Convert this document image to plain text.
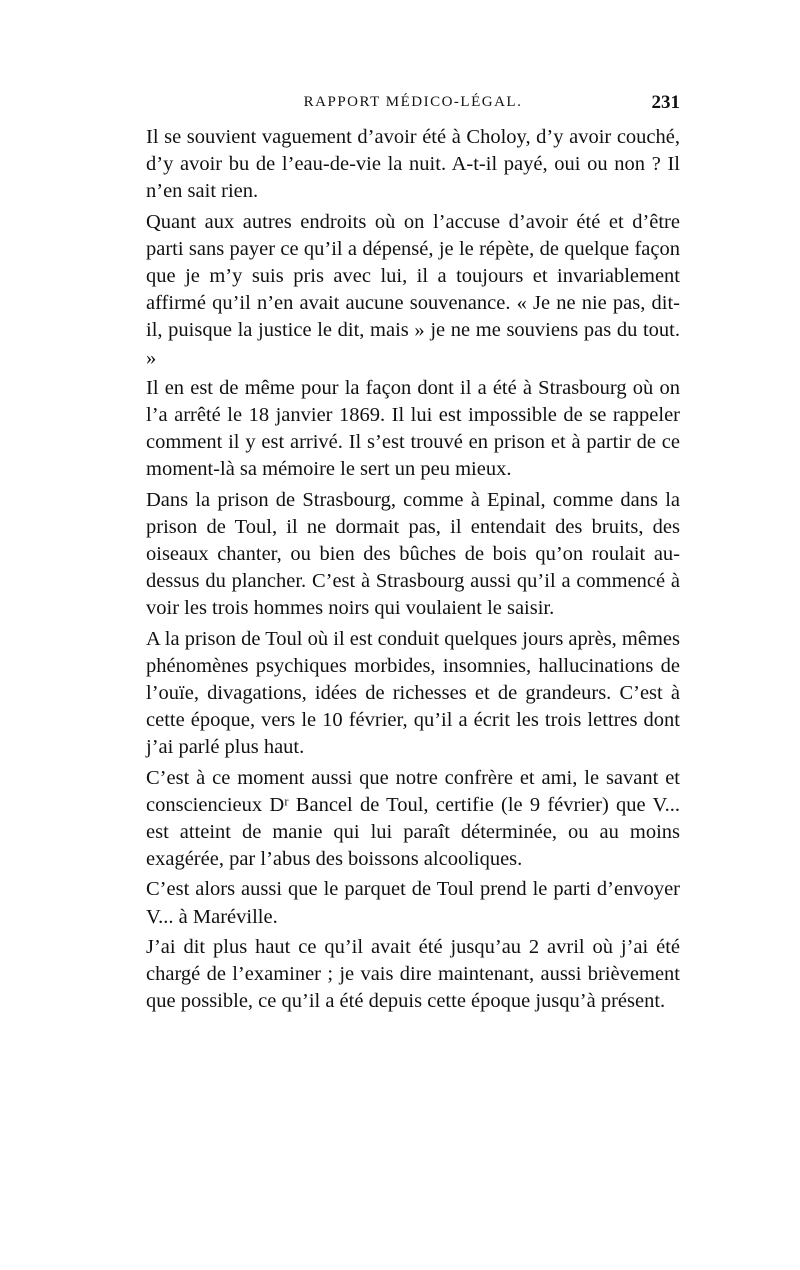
RAPPORT MÉDICO-LÉGAL.	231

Il se souvient vaguement d’avoir été à Choloy, d’y avoir couché, d’y avoir bu de l’eau-de-vie la nuit. A-t-il payé, oui ou non ? Il n’en sait rien.

Quant aux autres endroits où on l’accuse d’avoir été et d’être parti sans payer ce qu’il a dépensé, je le répète, de quelque façon que je m’y suis pris avec lui, il a toujours et invariablement affirmé qu’il n’en avait aucune souvenance. « Je ne nie pas, dit-il, puisque la justice le dit, mais » je ne me souviens pas du tout. »

Il en est de même pour la façon dont il a été à Strasbourg où on l’a arrêté le 18 janvier 1869. Il lui est impossible de se rappeler comment il y est arrivé. Il s’est trouvé en prison et à partir de ce moment-là sa mémoire le sert un peu mieux.

Dans la prison de Strasbourg, comme à Epinal, comme dans la prison de Toul, il ne dormait pas, il entendait des bruits, des oiseaux chanter, ou bien des bûches de bois qu’on roulait au-dessus du plancher. C’est à Strasbourg aussi qu’il a commencé à voir les trois hommes noirs qui voulaient le saisir.

A la prison de Toul où il est conduit quelques jours après, mêmes phénomènes psychiques morbides, insomnies, hallucinations de l’ouïe, divagations, idées de richesses et de grandeurs. C’est à cette époque, vers le 10 février, qu’il a écrit les trois lettres dont j’ai parlé plus haut.

C’est à ce moment aussi que notre confrère et ami, le savant et consciencieux Dʳ Bancel de Toul, certifie (le 9 février) que V... est atteint de manie qui lui paraît déterminée, ou au moins exagérée, par l’abus des boissons alcooliques.

C’est alors aussi que le parquet de Toul prend le parti d’envoyer V... à Maréville.

J’ai dit plus haut ce qu’il avait été jusqu’au 2 avril où j’ai été chargé de l’examiner ; je vais dire maintenant, aussi brièvement que possible, ce qu’il a été depuis cette époque jusqu’à présent.
